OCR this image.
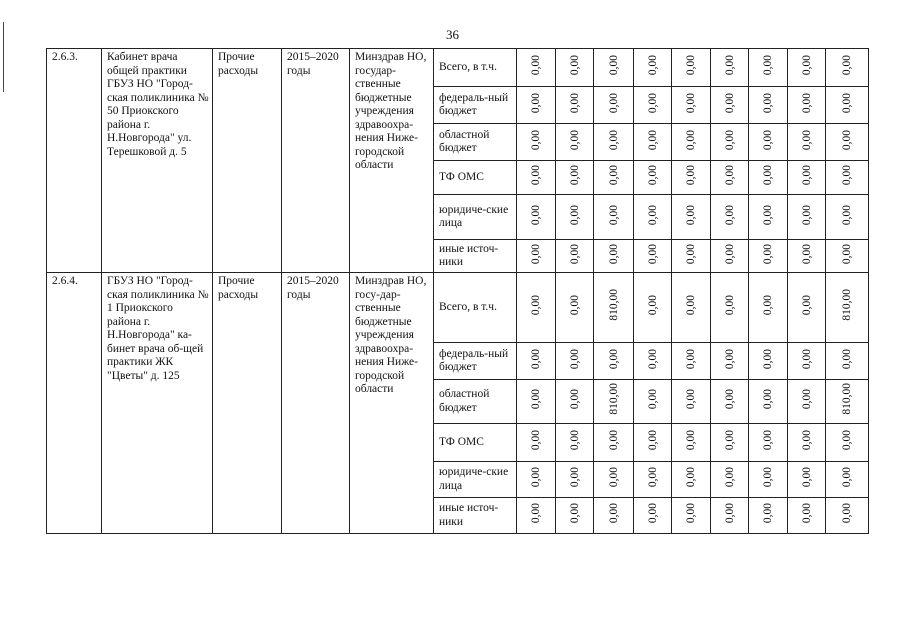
36
2.6.3.	Кабинет врача общей практики ГБУЗ НО "Город-ская поликлиника № 50 Приокского района г. Н.Новгорода" ул. Терешковой д. 5	Прочие расходы	2015–2020 годы	Минздрав НО, государ-ственные бюджетные учреждения здравоохра-нения Ниже-городской области	Всего, в т.ч.	0,00	0,00	0,00	0,00	0,00	0,00	0,00	0,00	0,00
					федераль-ный бюджет	0,00	0,00	0,00	0,00	0,00	0,00	0,00	0,00	0,00
					областной бюджет	0,00	0,00	0,00	0,00	0,00	0,00	0,00	0,00	0,00
					ТФ ОМС	0,00	0,00	0,00	0,00	0,00	0,00	0,00	0,00	0,00
					юридиче-ские лица	0,00	0,00	0,00	0,00	0,00	0,00	0,00	0,00	0,00
					иные источ-ники	0,00	0,00	0,00	0,00	0,00	0,00	0,00	0,00	0,00
2.6.4.	ГБУЗ НО "Город-ская поликлиника № 1 Приокского района г. Н.Новгорода" ка-бинет врача об-щей практики ЖК "Цветы" д. 125	Прочие расходы	2015–2020 годы	Минздрав НО, госу-дар-ственные бюджетные учреждения здравоохра-нения Ниже-городской области	Всего, в т.ч.	0,00	0,00	810,00	0,00	0,00	0,00	0,00	0,00	810,00
					федераль-ный бюджет	0,00	0,00	0,00	0,00	0,00	0,00	0,00	0,00	0,00
					областной бюджет	0,00	0,00	810,00	0,00	0,00	0,00	0,00	0,00	810,00
					ТФ ОМС	0,00	0,00	0,00	0,00	0,00	0,00	0,00	0,00	0,00
					юридиче-ские лица	0,00	0,00	0,00	0,00	0,00	0,00	0,00	0,00	0,00
					иные источ-ники	0,00	0,00	0,00	0,00	0,00	0,00	0,00	0,00	0,00
